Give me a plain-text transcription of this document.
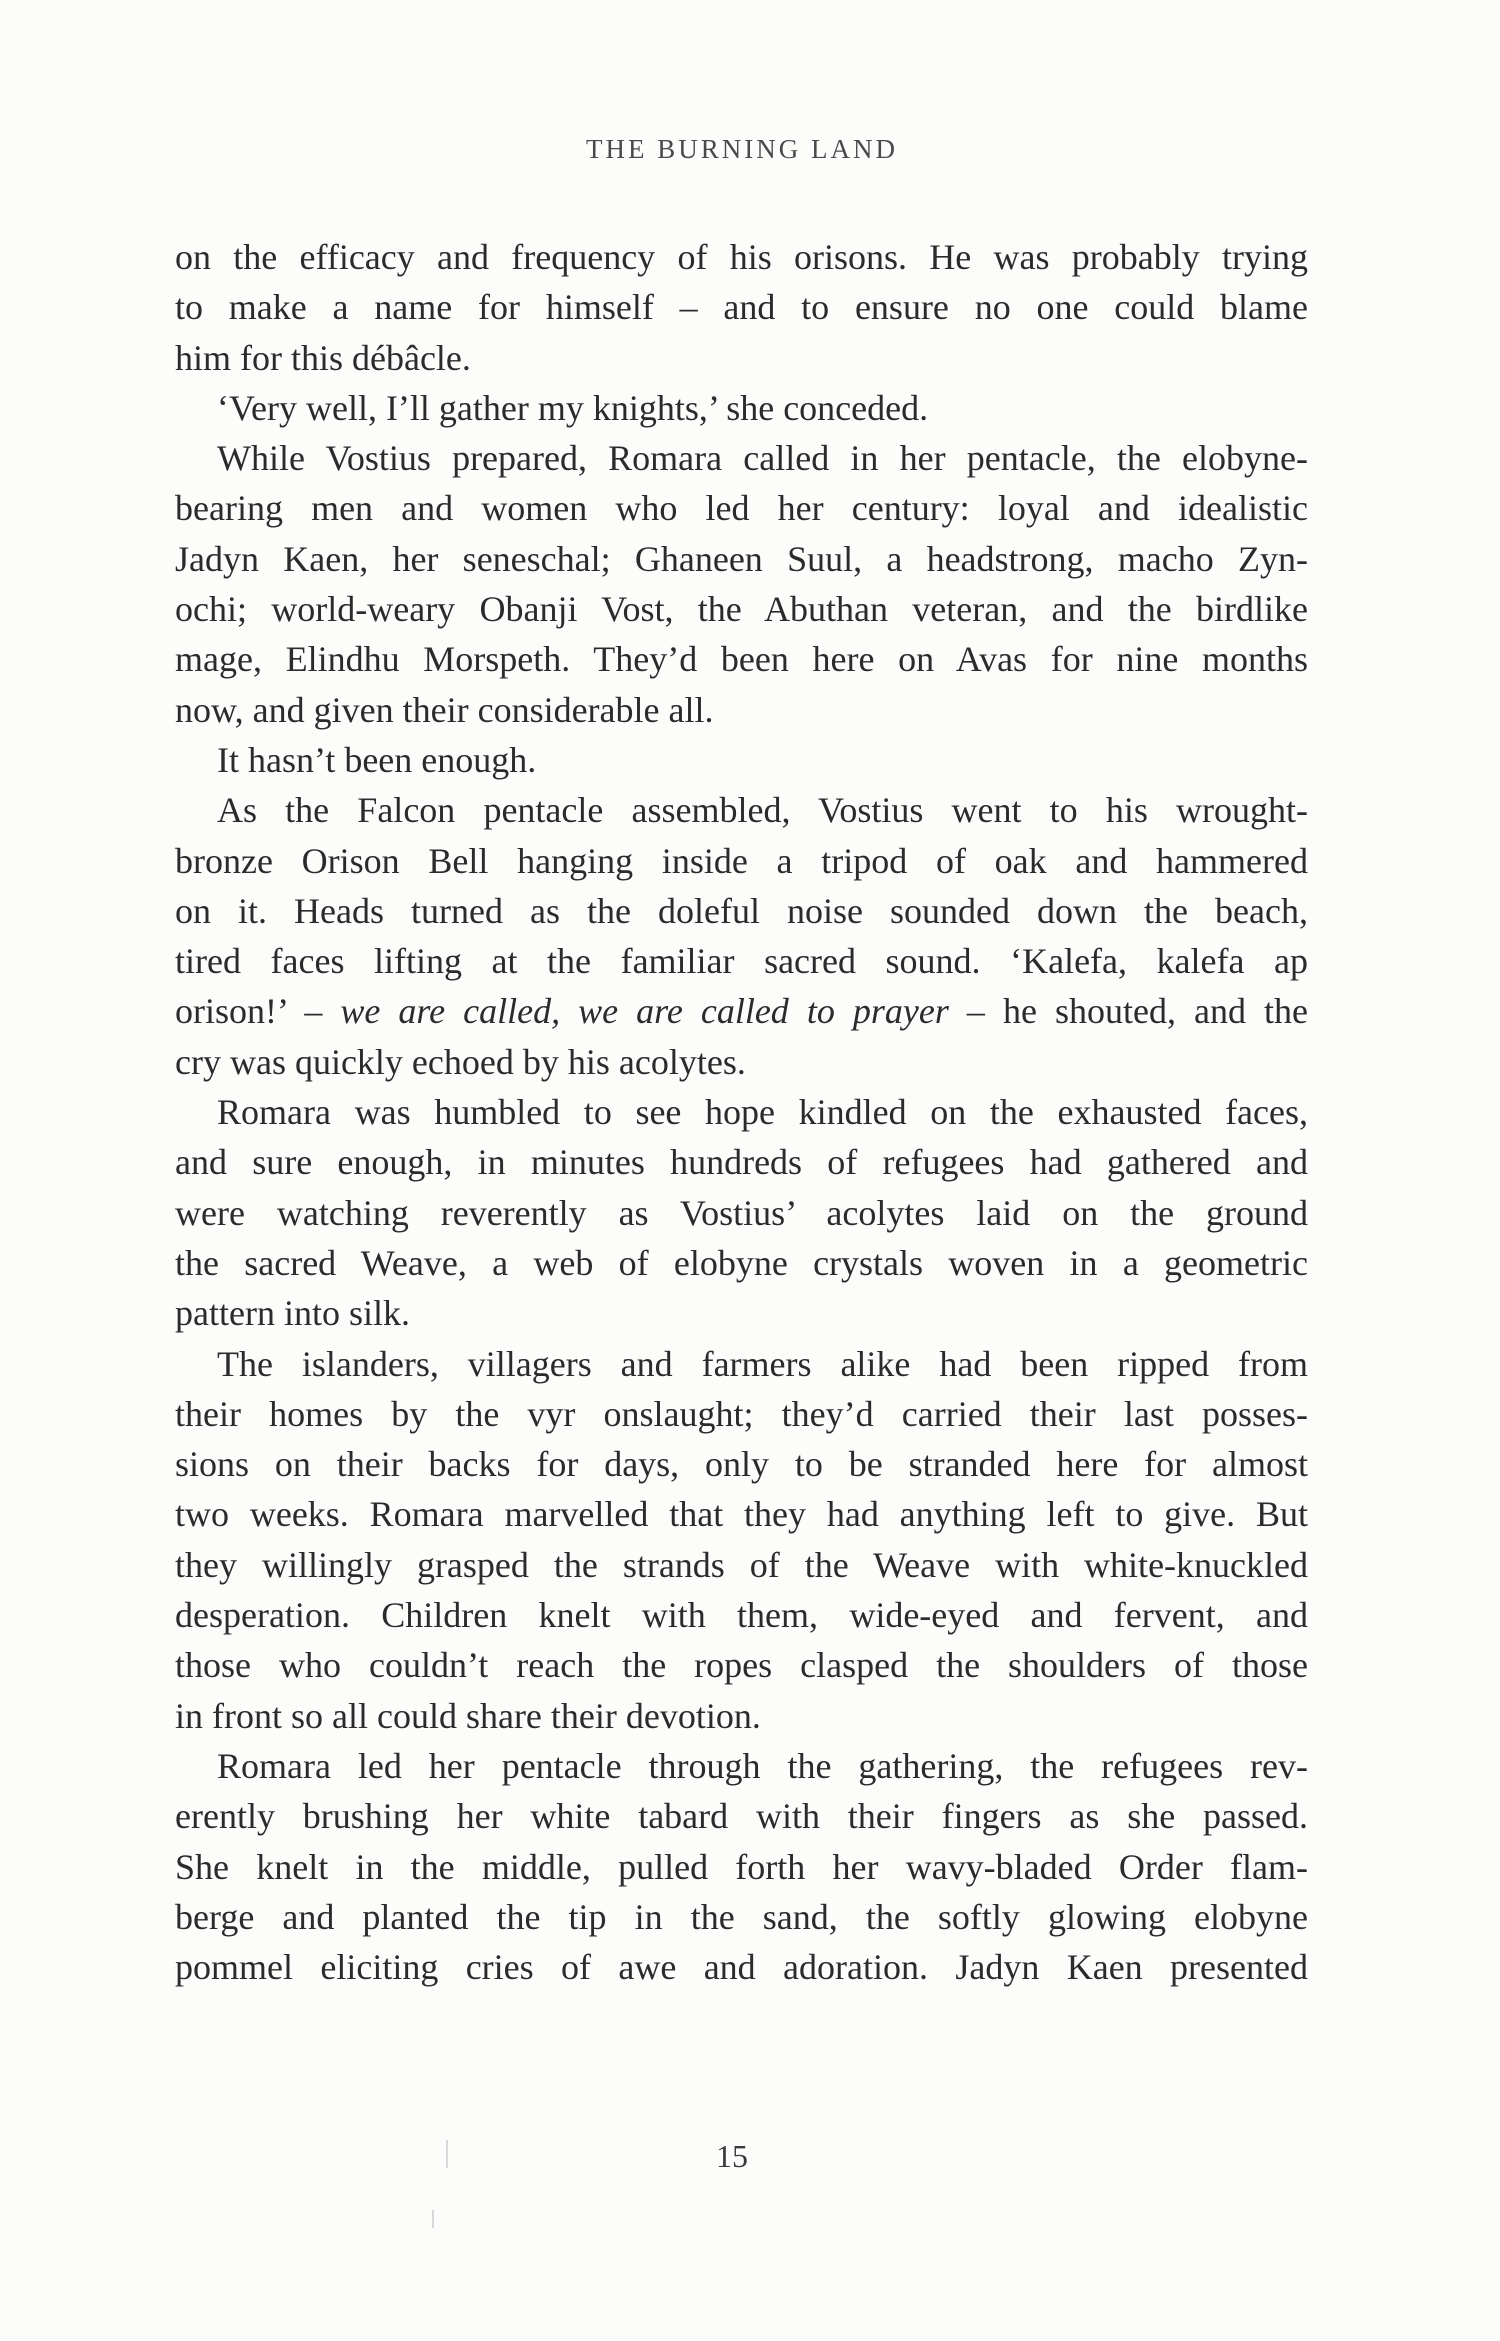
THE BURNING LAND
on the efficacy and frequency of his orisons. He was probably trying
to make a name for himself – and to ensure no one could blame
him for this débâcle.
‘Very well, I’ll gather my knights,’ she conceded.
While Vostius prepared, Romara called in her pentacle, the elobyne-
bearing men and women who led her century: loyal and idealistic
Jadyn Kaen, her seneschal; Ghaneen Suul, a headstrong, macho Zyn-
ochi; world-weary Obanji Vost, the Abuthan veteran, and the birdlike
mage, Elindhu Morspeth. They’d been here on Avas for nine months
now, and given their considerable all.
It hasn’t been enough.
As the Falcon pentacle assembled, Vostius went to his wrought-
bronze Orison Bell hanging inside a tripod of oak and hammered
on it. Heads turned as the doleful noise sounded down the beach,
tired faces lifting at the familiar sacred sound. ‘Kalefa, kalefa ap
orison!’ – we are called, we are called to prayer – he shouted, and the
cry was quickly echoed by his acolytes.
Romara was humbled to see hope kindled on the exhausted faces,
and sure enough, in minutes hundreds of refugees had gathered and
were watching reverently as Vostius’ acolytes laid on the ground
the sacred Weave, a web of elobyne crystals woven in a geometric
pattern into silk.
The islanders, villagers and farmers alike had been ripped from
their homes by the vyr onslaught; they’d carried their last posses-
sions on their backs for days, only to be stranded here for almost
two weeks. Romara marvelled that they had anything left to give. But
they willingly grasped the strands of the Weave with white-knuckled
desperation. Children knelt with them, wide-eyed and fervent, and
those who couldn’t reach the ropes clasped the shoulders of those
in front so all could share their devotion.
Romara led her pentacle through the gathering, the refugees rev-
erently brushing her white tabard with their fingers as she passed.
She knelt in the middle, pulled forth her wavy-bladed Order flam-
berge and planted the tip in the sand, the softly glowing elobyne
pommel eliciting cries of awe and adoration. Jadyn Kaen presented
15
